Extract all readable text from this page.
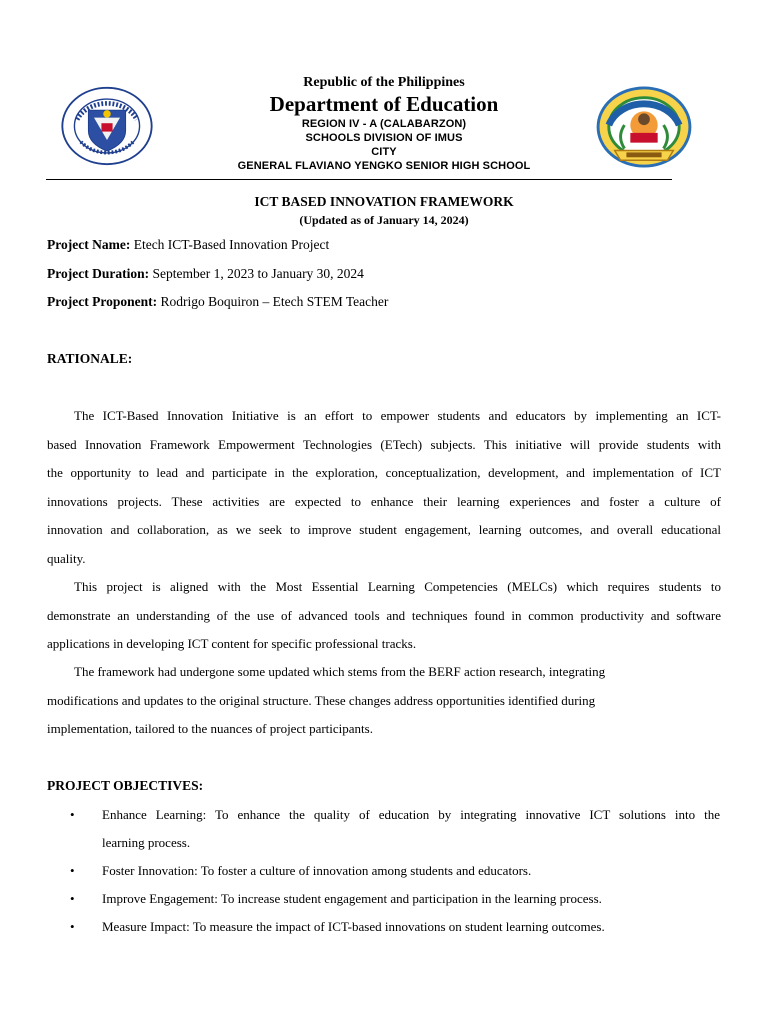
Republic of the Philippines
Department of Education
REGION IV - A (CALABARZON)
SCHOOLS DIVISION OF IMUS
CITY
GENERAL FLAVIANO YENGKO SENIOR HIGH SCHOOL
ICT BASED INNOVATION FRAMEWORK
(Updated as of January 14, 2024)
Project Name: Etech ICT-Based Innovation Project
Project Duration: September 1, 2023 to January 30, 2024
Project Proponent: Rodrigo Boquiron – Etech STEM Teacher
RATIONALE:
The ICT-Based Innovation Initiative is an effort to empower students and educators by implementing an ICT-
based Innovation Framework Empowerment Technologies (ETech) subjects. This initiative will provide students with
the opportunity to lead and participate in the exploration, conceptualization, development, and implementation of ICT
innovations projects. These activities are expected to enhance their learning experiences and foster a culture of
innovation and collaboration, as we seek to improve student engagement, learning outcomes, and overall educational
quality.
This project is aligned with the Most Essential Learning Competencies (MELCs) which requires students to
demonstrate an understanding of the use of advanced tools and techniques found in common productivity and software
applications in developing ICT content for specific professional tracks.
The framework had undergone some updated which stems from the BERF action research, integrating
modifications and updates to the original structure. These changes address opportunities identified during
implementation, tailored to the nuances of project participants.
PROJECT OBJECTIVES:
• Enhance Learning: To enhance the quality of education by integrating innovative ICT solutions into the
learning process.
• Foster Innovation: To foster a culture of innovation among students and educators.
• Improve Engagement: To increase student engagement and participation in the learning process.
• Measure Impact: To measure the impact of ICT-based innovations on student learning outcomes.
